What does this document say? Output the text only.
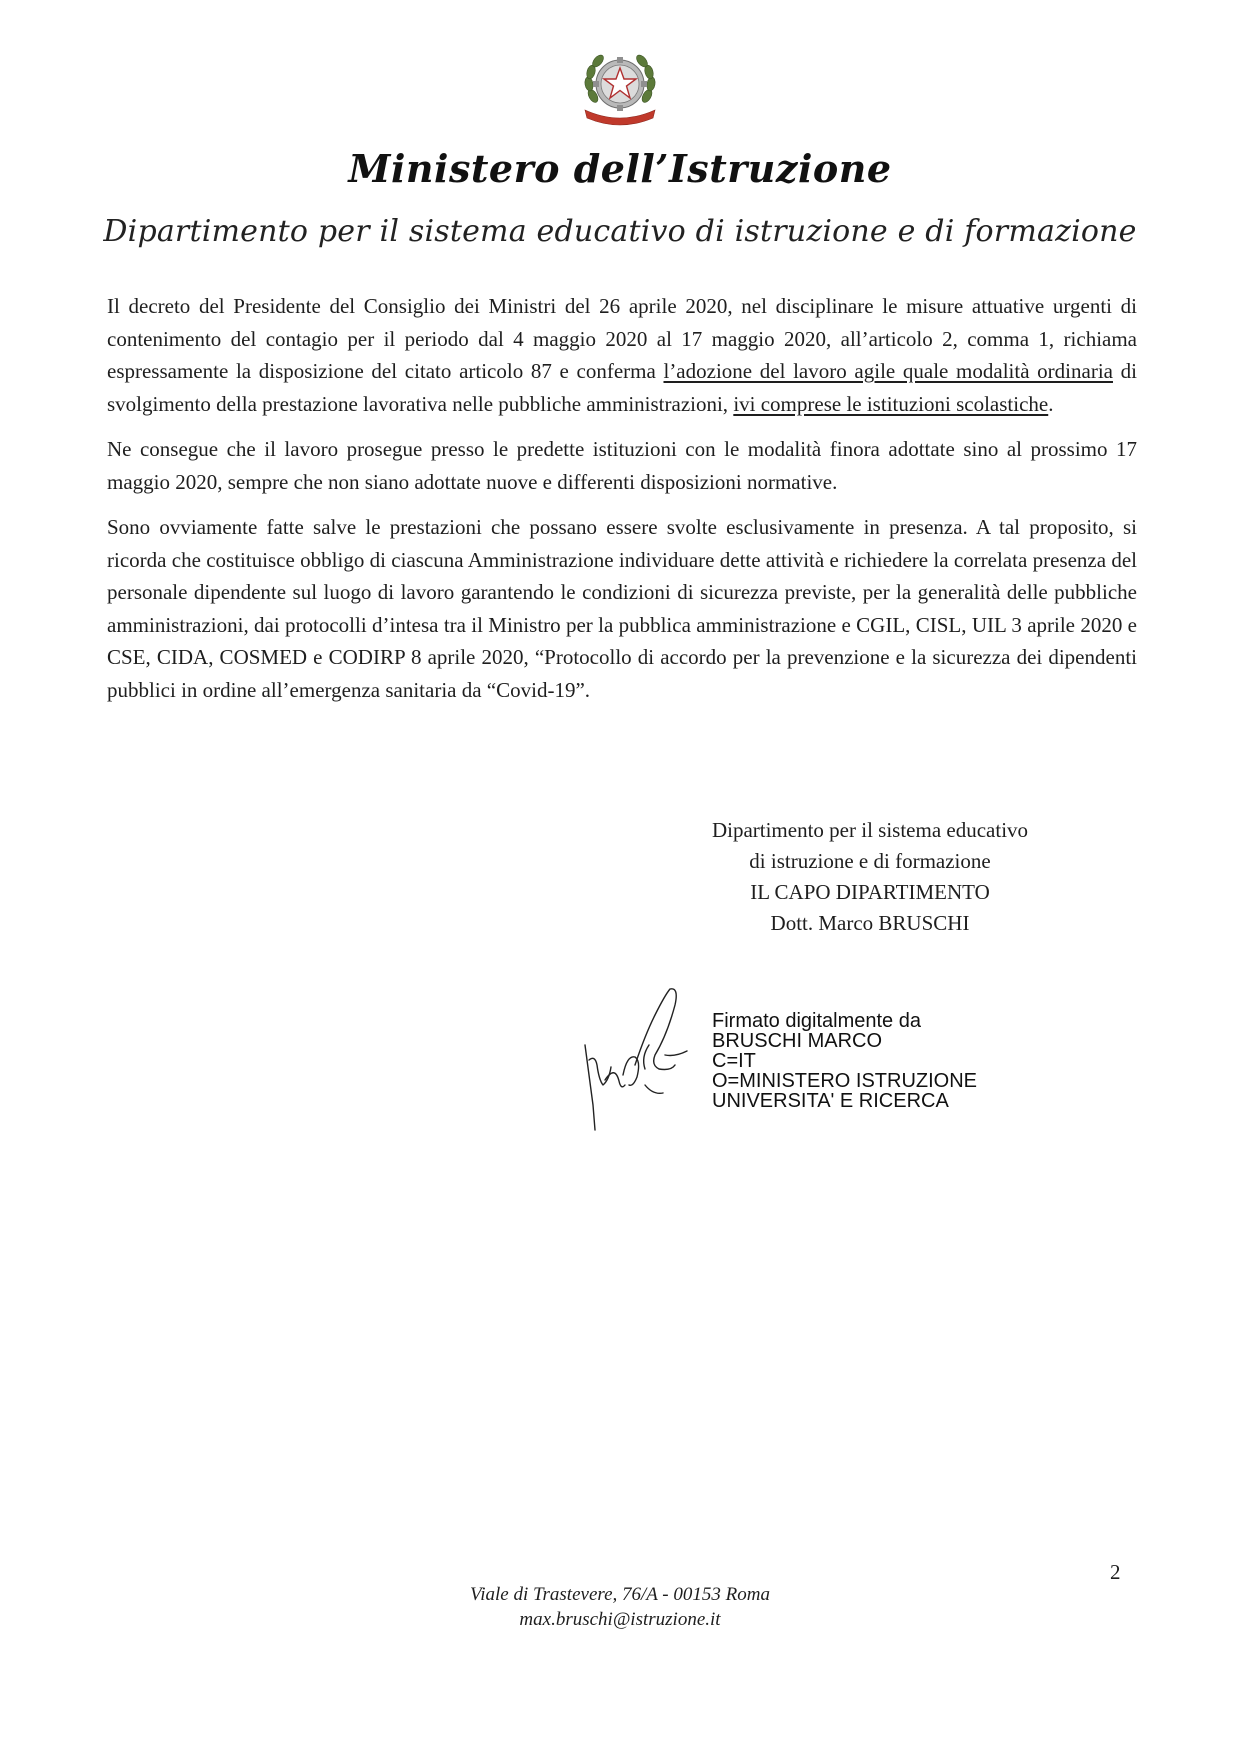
Ministero dell’Istruzione
Dipartimento per il sistema educativo di istruzione e di formazione

Il decreto del Presidente del Consiglio dei Ministri del 26 aprile 2020, nel disciplinare le misure attuative urgenti di contenimento del contagio per il periodo dal 4 maggio 2020 al 17 maggio 2020, all’articolo 2, comma 1, richiama espressamente la disposizione del citato articolo 87 e conferma l’adozione del lavoro agile quale modalità ordinaria di svolgimento della prestazione lavorativa nelle pubbliche amministrazioni, ivi comprese le istituzioni scolastiche.

Ne consegue che il lavoro prosegue presso le predette istituzioni con le modalità finora adottate sino al prossimo 17 maggio 2020, sempre che non siano adottate nuove e differenti disposizioni normative.

Sono ovviamente fatte salve le prestazioni che possano essere svolte esclusivamente in presenza. A tal proposito, si ricorda che costituisce obbligo di ciascuna Amministrazione individuare dette attività e richiedere la correlata presenza del personale dipendente sul luogo di lavoro garantendo le condizioni di sicurezza previste, per la generalità delle pubbliche amministrazioni, dai protocolli d’intesa tra il Ministro per la pubblica amministrazione e CGIL, CISL, UIL 3 aprile 2020 e CSE, CIDA, COSMED e CODIRP 8 aprile 2020, “Protocollo di accordo per la prevenzione e la sicurezza dei dipendenti pubblici in ordine all’emergenza sanitaria da “Covid-19”.

Dipartimento per il sistema educativo
di istruzione e di formazione
IL CAPO DIPARTIMENTO
Dott. Marco BRUSCHI
Firmato digitalmente da
BRUSCHI MARCO
C=IT
O=MINISTERO ISTRUZIONE
UNIVERSITA' E RICERCA
2
Viale di Trastevere, 76/A - 00153 Roma
max.bruschi@istruzione.it
